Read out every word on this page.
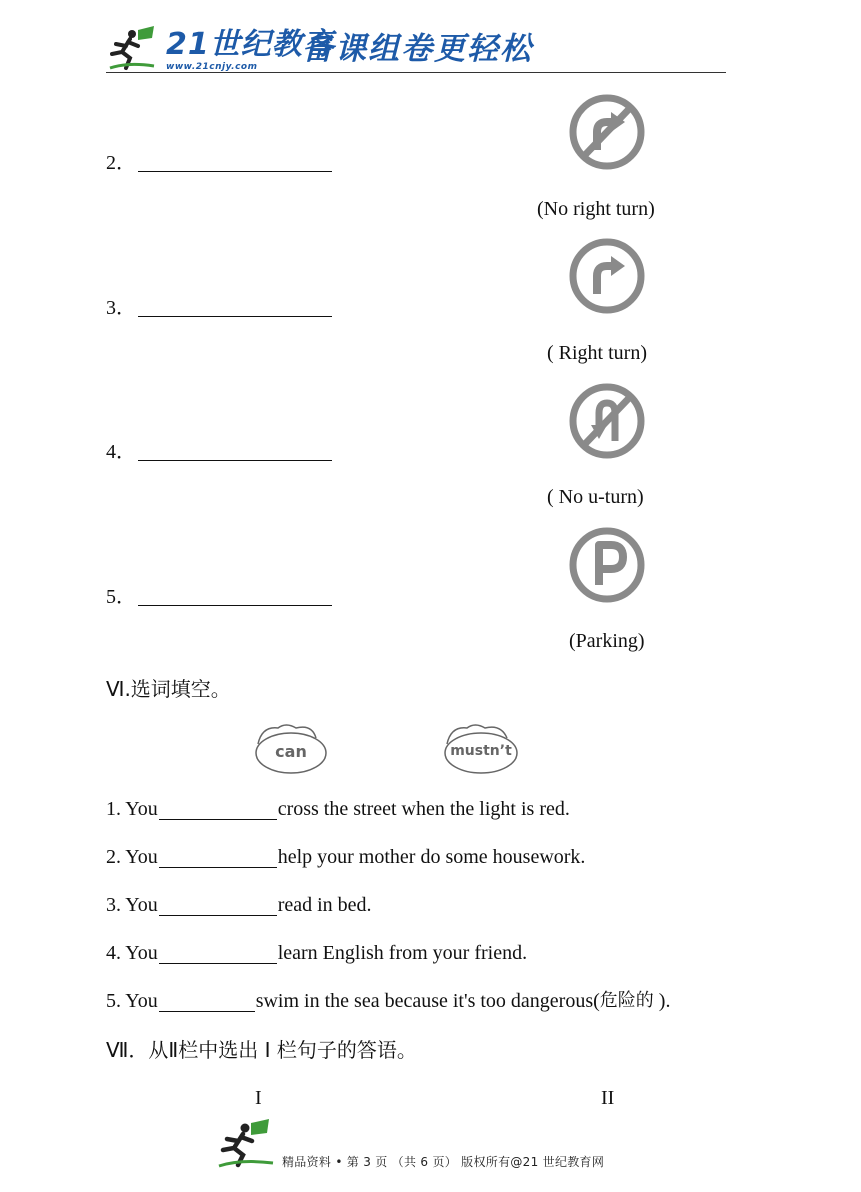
21世纪教育
www.21cnjy.com 备课组卷更轻松
2．
(No right turn)
3．
( Right turn)
4．
( No u-turn)
5．
(Parking)
Ⅵ.选词填空。
can	mustn’t
1. You	cross the street when the light is red.
2. You	help your mother do some housework.
3. You	read in bed.
4. You	learn English from your friend.
5. You	swim in the sea because it's too dangerous( 危险的 ).
Ⅶ．从Ⅱ栏中选出 I 栏句子的答语。
I	II
精品资料 • 第 3 页 （共 6 页） 版权所有@21 世纪教育网
